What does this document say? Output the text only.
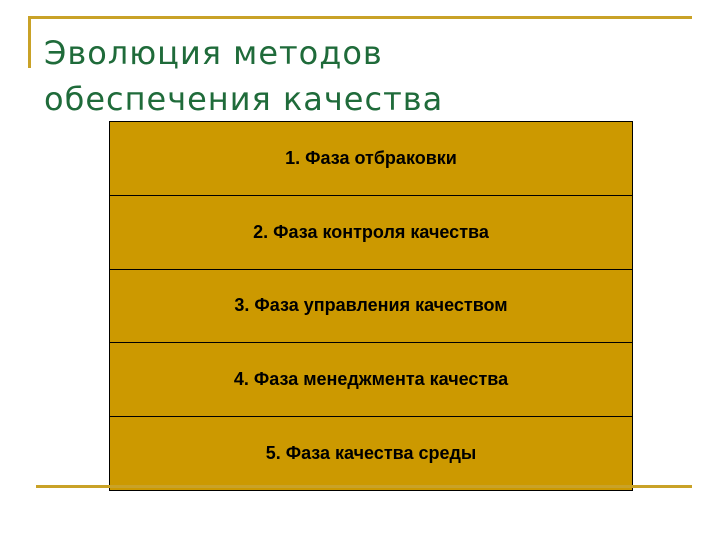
Эволюция методов
обеспечения качества
1. Фаза отбраковки
2. Фаза контроля качества
3. Фаза управления качеством
4. Фаза менеджмента качества
5. Фаза качества среды
